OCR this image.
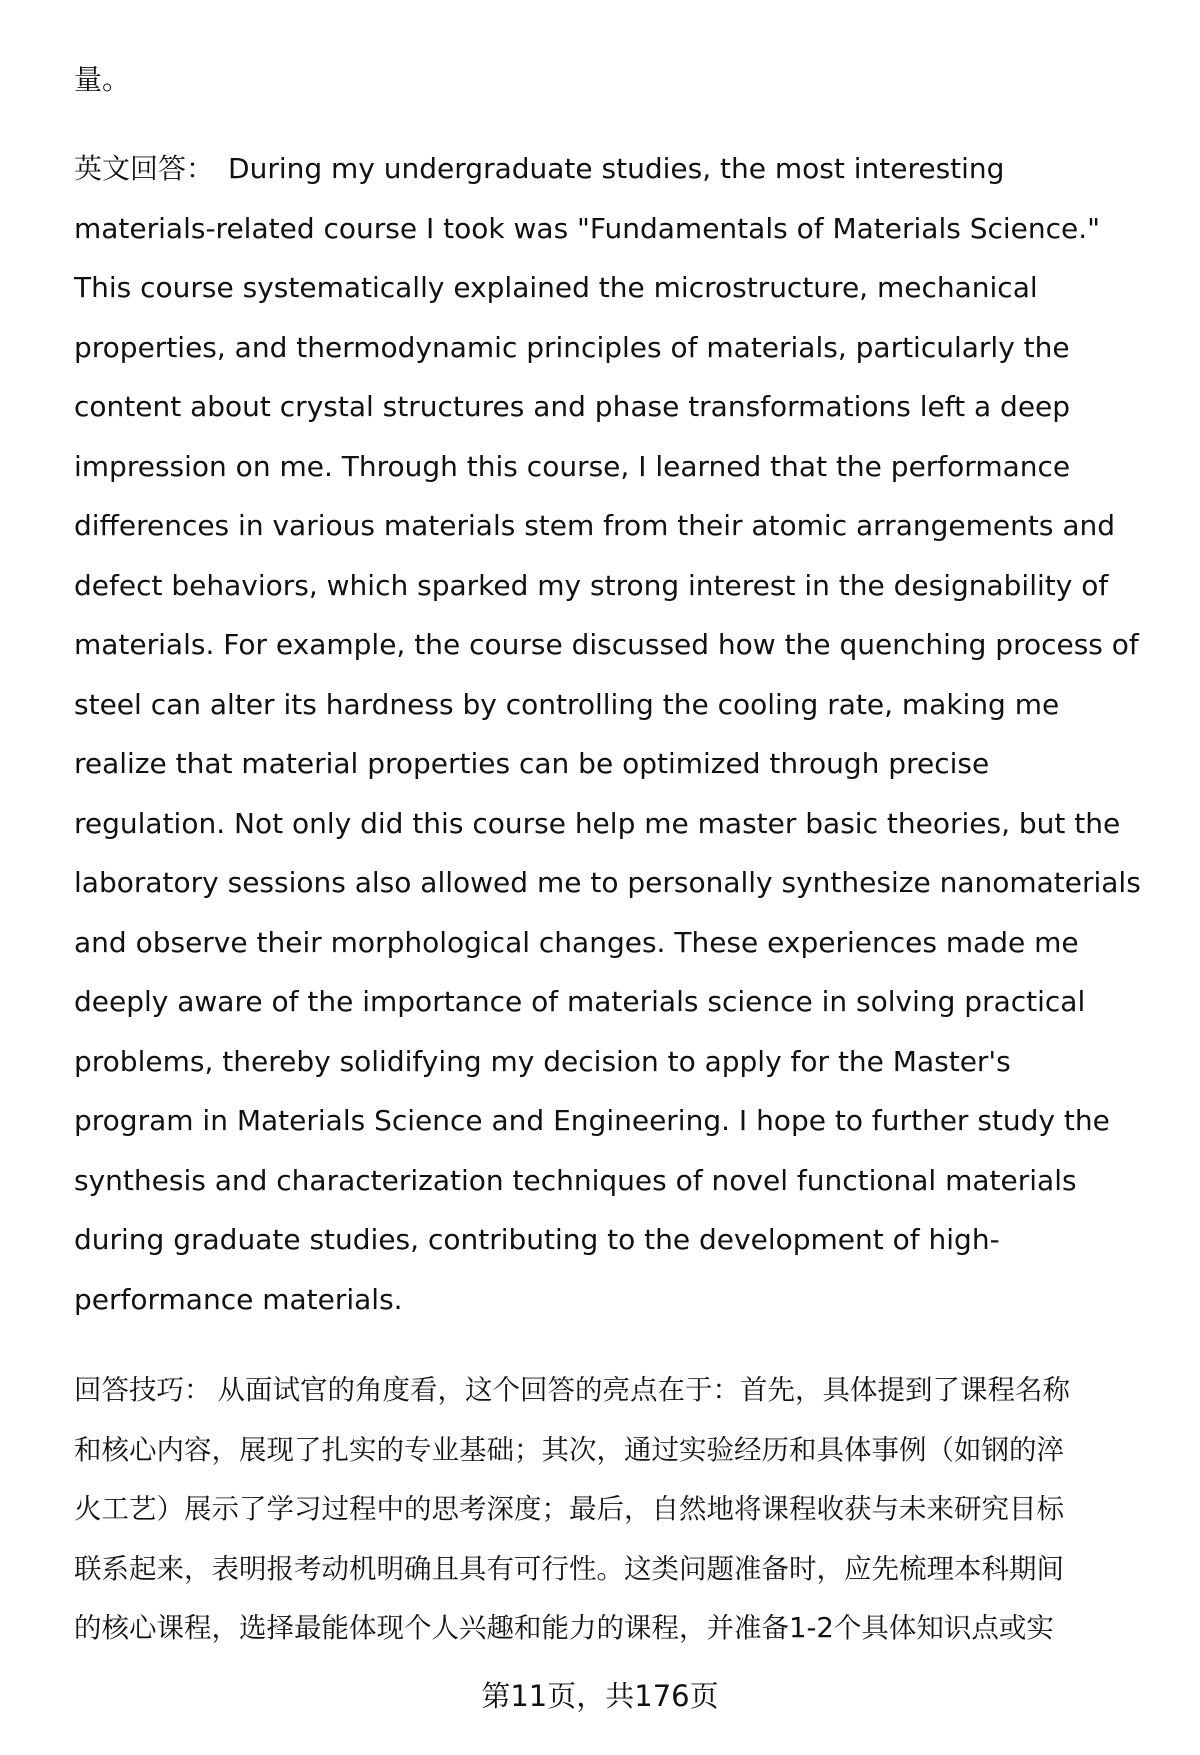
量。
英文回答： During my undergraduate studies, the most interesting
materials-related course I took was "Fundamentals of Materials Science."
This course systematically explained the microstructure, mechanical
properties, and thermodynamic principles of materials, particularly the
content about crystal structures and phase transformations left a deep
impression on me. Through this course, I learned that the performance
differences in various materials stem from their atomic arrangements and
defect behaviors, which sparked my strong interest in the designability of
materials. For example, the course discussed how the quenching process of
steel can alter its hardness by controlling the cooling rate, making me
realize that material properties can be optimized through precise
regulation. Not only did this course help me master basic theories, but the
laboratory sessions also allowed me to personally synthesize nanomaterials
and observe their morphological changes. These experiences made me
deeply aware of the importance of materials science in solving practical
problems, thereby solidifying my decision to apply for the Master's
program in Materials Science and Engineering. I hope to further study the
synthesis and characterization techniques of novel functional materials
during graduate studies, contributing to the development of high-
performance materials.
回答技巧： 从面试官的角度看，这个回答的亮点在于：首先，具体提到了课程名称
和核心内容，展现了扎实的专业基础；其次，通过实验经历和具体事例（如钢的淬
火工艺）展示了学习过程中的思考深度；最后，自然地将课程收获与未来研究目标
联系起来，表明报考动机明确且具有可行性。这类问题准备时，应先梳理本科期间
的核心课程，选择最能体现个人兴趣和能力的课程，并准备1-2个具体知识点或实
第11页，共176页
